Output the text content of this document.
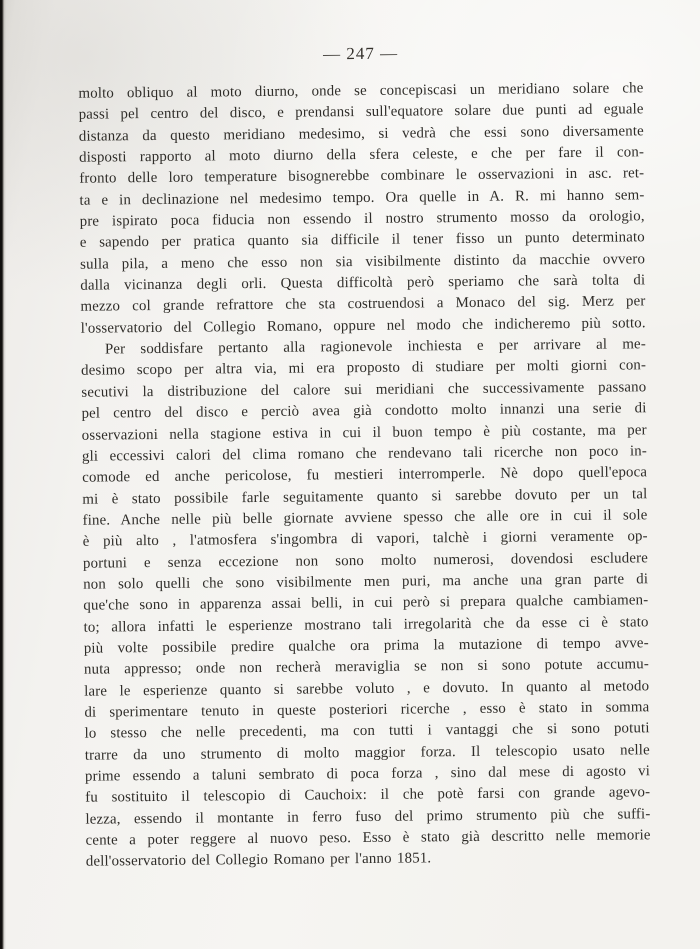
— 247 —
molto obliquo al moto diurno, onde se concepiscasi un meridiano solare che
passi pel centro del disco, e prendansi sull'equatore solare due punti ad eguale
distanza da questo meridiano medesimo, si vedrà che essi sono diversamente
disposti rapporto al moto diurno della sfera celeste, e che per fare il con-
fronto delle loro temperature bisognerebbe combinare le osservazioni in asc. ret-
ta e in declinazione nel medesimo tempo. Ora quelle in A. R. mi hanno sem-
pre ispirato poca fiducia non essendo il nostro strumento mosso da orologio,
e sapendo per pratica quanto sia difficile il tener fisso un punto determinato
sulla pila, a meno che esso non sia visibilmente distinto da macchie ovvero
dalla vicinanza degli orli. Questa difficoltà però speriamo che sarà tolta di
mezzo col grande refrattore che sta costruendosi a Monaco del sig. Merz per
l'osservatorio del Collegio Romano, oppure nel modo che indicheremo più sotto.
Per soddisfare pertanto alla ragionevole inchiesta e per arrivare al me-
desimo scopo per altra via, mi era proposto di studiare per molti giorni con-
secutivi la distribuzione del calore sui meridiani che successivamente passano
pel centro del disco e perciò avea già condotto molto innanzi una serie di
osservazioni nella stagione estiva in cui il buon tempo è più costante, ma per
gli eccessivi calori del clima romano che rendevano tali ricerche non poco in-
comode ed anche pericolose, fu mestieri interromperle. Nè dopo quell'epoca
mi è stato possibile farle seguitamente quanto si sarebbe dovuto per un tal
fine. Anche nelle più belle giornate avviene spesso che alle ore in cui il sole
è più alto , l'atmosfera s'ingombra di vapori, talchè i giorni veramente op-
portuni e senza eccezione non sono molto numerosi, dovendosi escludere
non solo quelli che sono visibilmente men puri, ma anche una gran parte di
que'che sono in apparenza assai belli, in cui però si prepara qualche cambiamen-
to; allora infatti le esperienze mostrano tali irregolarità che da esse ci è stato
più volte possibile predire qualche ora prima la mutazione di tempo avve-
nuta appresso; onde non recherà meraviglia se non si sono potute accumu-
lare le esperienze quanto si sarebbe voluto , e dovuto. In quanto al metodo
di sperimentare tenuto in queste posteriori ricerche , esso è stato in somma
lo stesso che nelle precedenti, ma con tutti i vantaggi che si sono potuti
trarre da uno strumento di molto maggior forza. Il telescopio usato nelle
prime essendo a taluni sembrato di poca forza , sino dal mese di agosto vi
fu sostituito il telescopio di Cauchoix: il che potè farsi con grande agevo-
lezza, essendo il montante in ferro fuso del primo strumento più che suffi-
cente a poter reggere al nuovo peso. Esso è stato già descritto nelle memorie
dell'osservatorio del Collegio Romano per l'anno 1851.
